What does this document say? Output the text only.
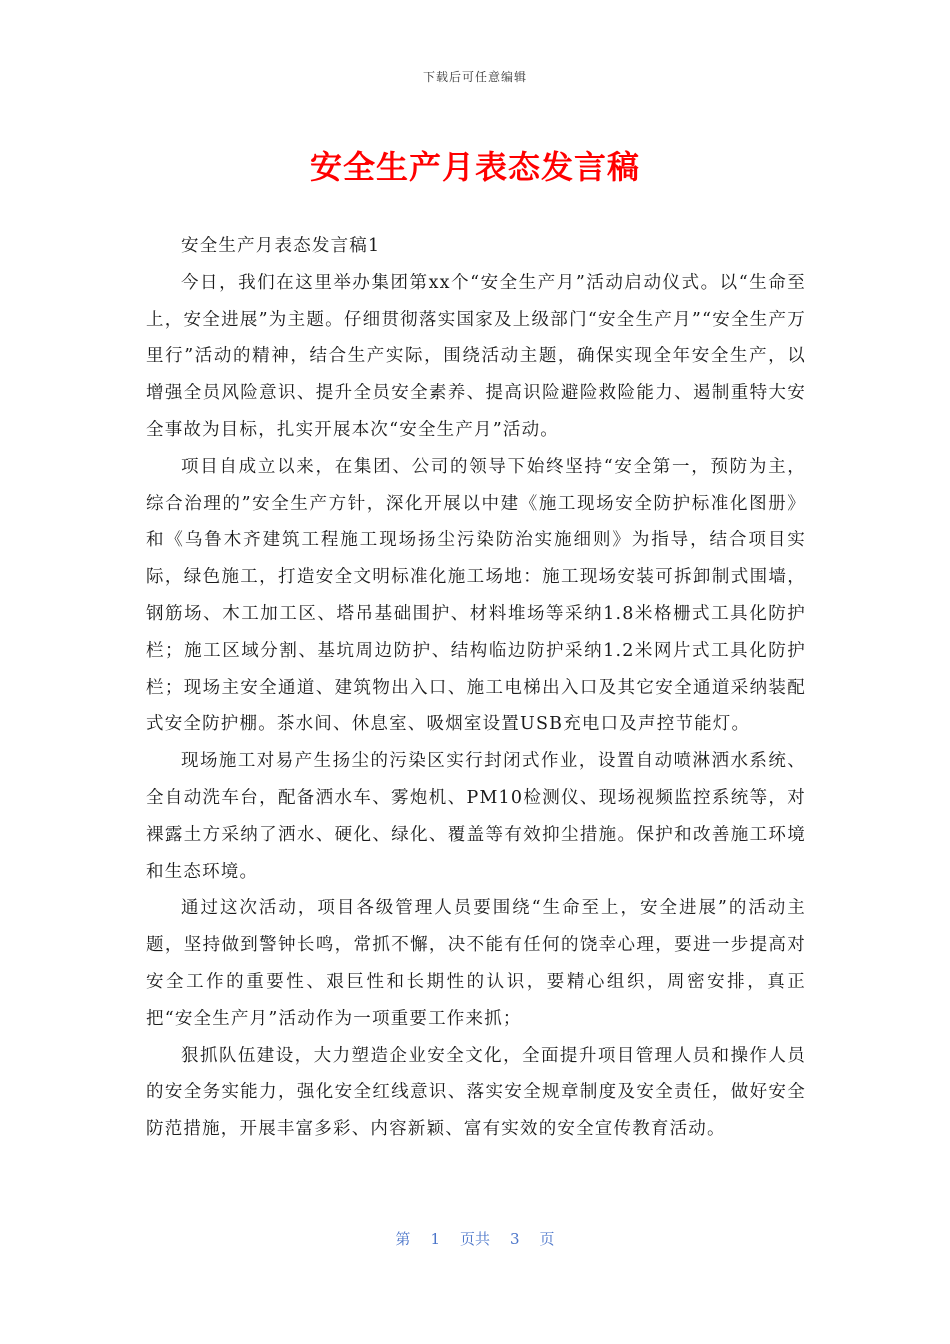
下载后可任意编辑
安全生产月表态发言稿

安全生产月表态发言稿1

今日，我们在这里举办集团第xx个“安全生产月”活动启动仪式。以“生命至上，安全进展”为主题。仔细贯彻落实国家及上级部门“安全生产月”“安全生产万里行”活动的精神，结合生产实际，围绕活动主题，确保实现全年安全生产，以增强全员风险意识、提升全员安全素养、提高识险避险救险能力、遏制重特大安全事故为目标，扎实开展本次“安全生产月”活动。

项目自成立以来，在集团、公司的领导下始终坚持“安全第一，预防为主，综合治理的”安全生产方针，深化开展以中建《施工现场安全防护标准化图册》和《乌鲁木齐建筑工程施工现场扬尘污染防治实施细则》为指导，结合项目实际，绿色施工，打造安全文明标准化施工场地：施工现场安装可拆卸制式围墙，钢筋场、木工加工区、塔吊基础围护、材料堆场等采纳1.8米格栅式工具化防护栏；施工区域分割、基坑周边防护、结构临边防护采纳1.2米网片式工具化防护栏；现场主安全通道、建筑物出入口、施工电梯出入口及其它安全通道采纳装配式安全防护棚。茶水间、休息室、吸烟室设置USB充电口及声控节能灯。

现场施工对易产生扬尘的污染区实行封闭式作业，设置自动喷淋洒水系统、全自动洗车台，配备洒水车、雾炮机、PM10检测仪、现场视频监控系统等，对裸露土方采纳了洒水、硬化、绿化、覆盖等有效抑尘措施。保护和改善施工环境和生态环境。

通过这次活动，项目各级管理人员要围绕“生命至上，安全进展”的活动主题，坚持做到警钟长鸣，常抓不懈，决不能有任何的饶幸心理，要进一步提高对安全工作的重要性、艰巨性和长期性的认识，要精心组织，周密安排，真正把“安全生产月”活动作为一项重要工作来抓；

狠抓队伍建设，大力塑造企业安全文化，全面提升项目管理人员和操作人员的安全务实能力，强化安全红线意识、落实安全规章制度及安全责任，做好安全防范措施，开展丰富多彩、内容新颖、富有实效的安全宣传教育活动。

第 1 页共 3 页
